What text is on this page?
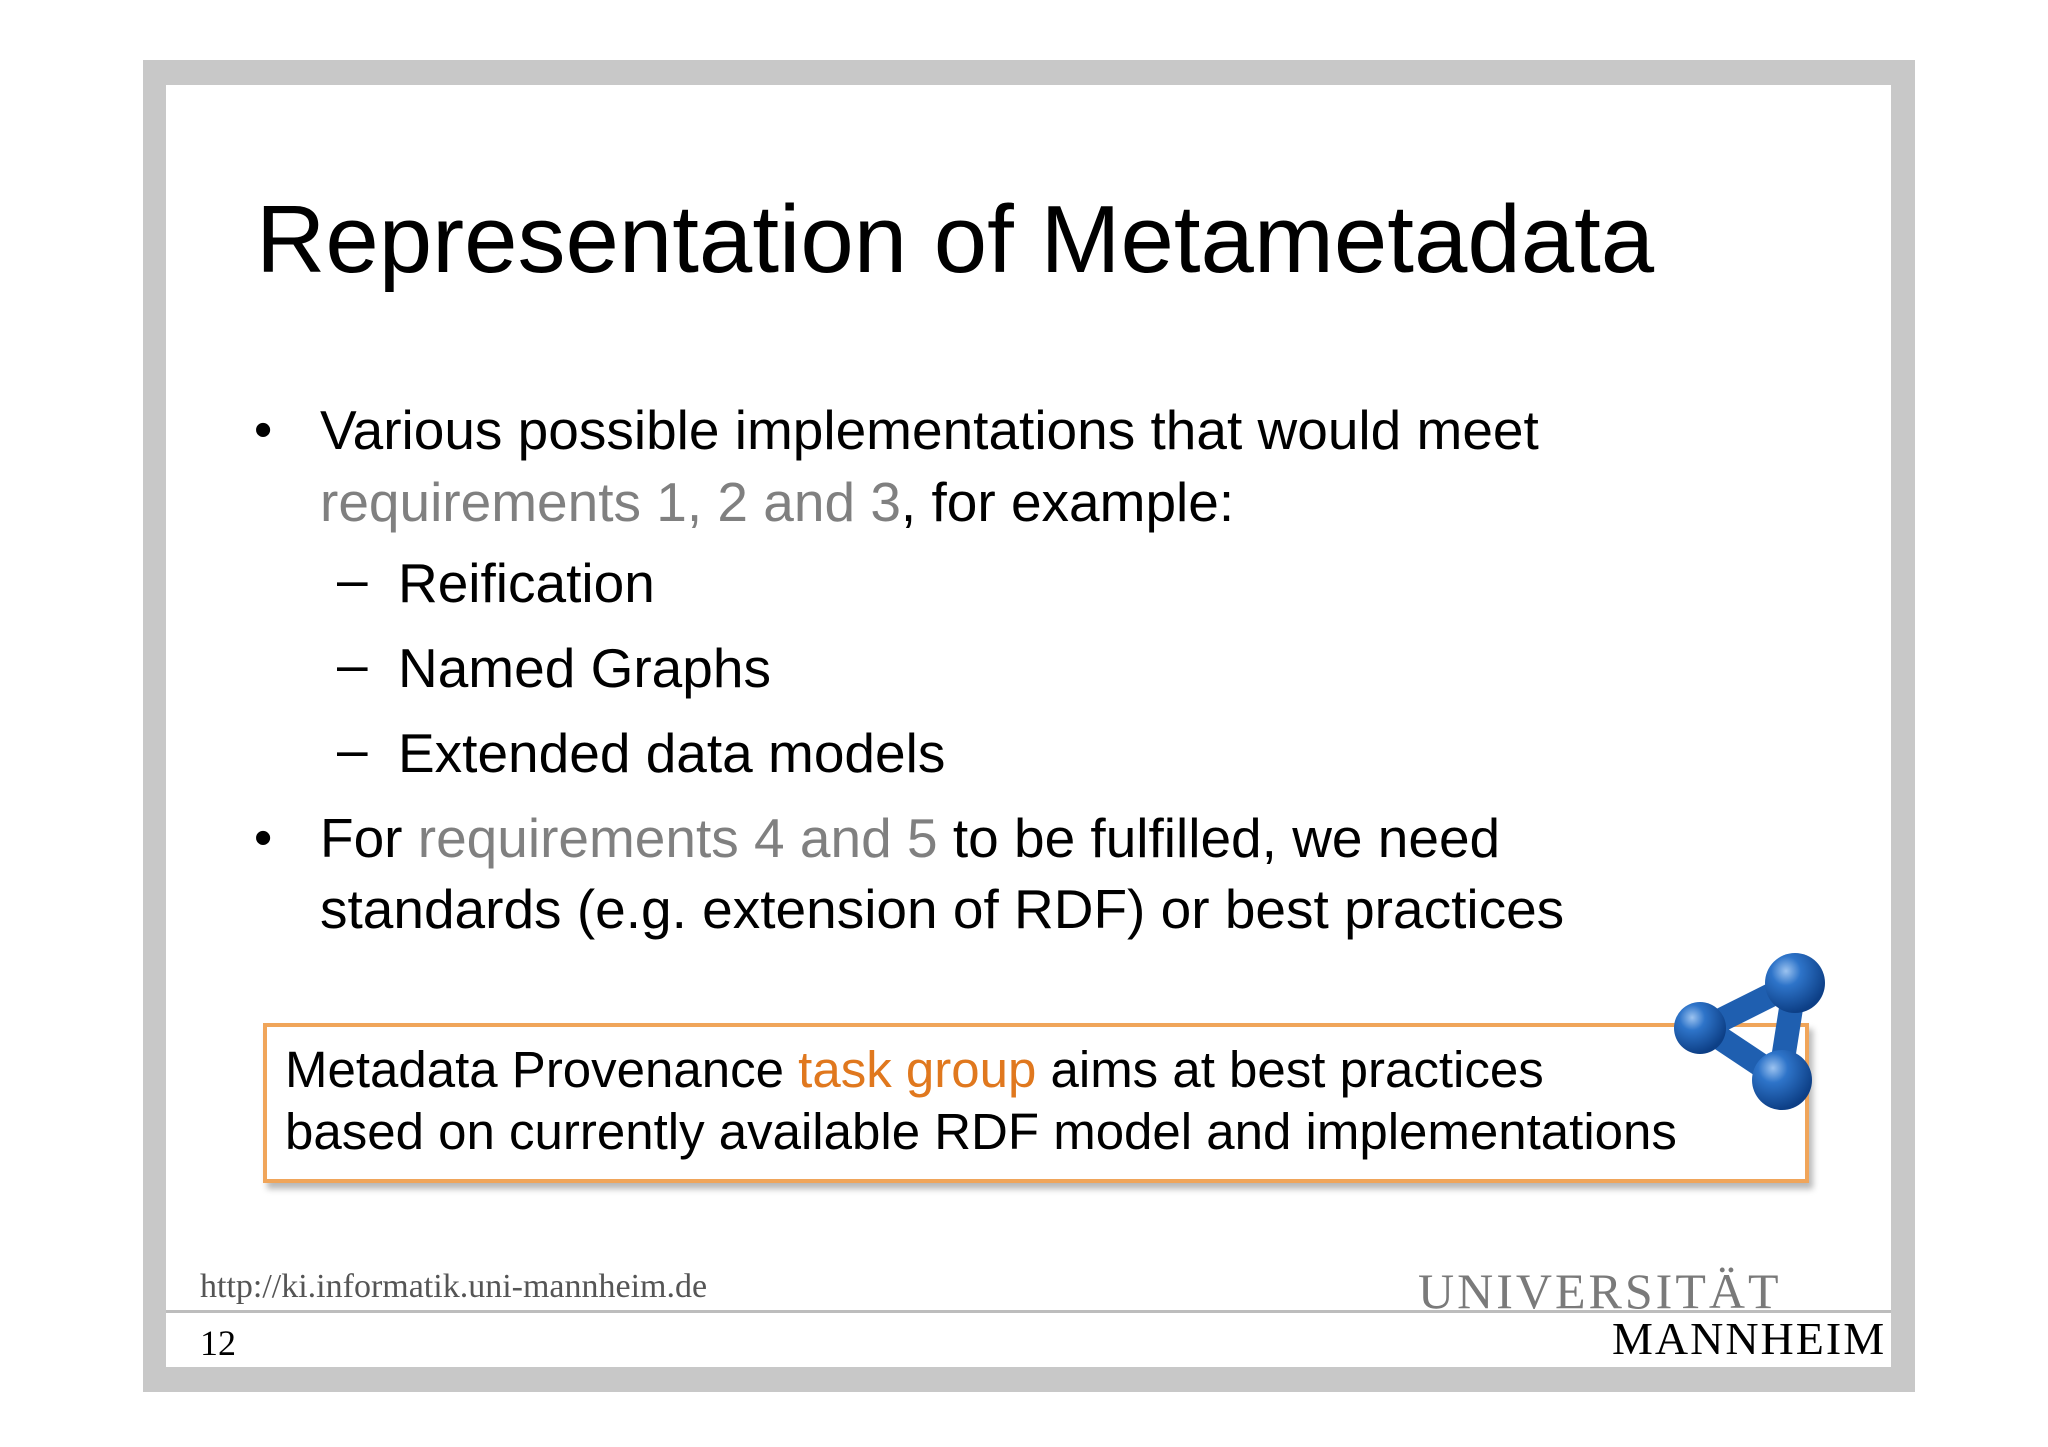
Representation of Metametadata
• Various possible implementations that would meet
requirements 1, 2 and 3, for example:
– Reification
– Named Graphs
– Extended data models
• For requirements 4 and 5 to be fulfilled, we need
standards (e.g. extension of RDF) or best practices
Metadata Provenance task group aims at best practices
based on currently available RDF model and implementations
http://ki.informatik.uni-mannheim.de
12
UNIVERSITÄT
MANNHEIM
